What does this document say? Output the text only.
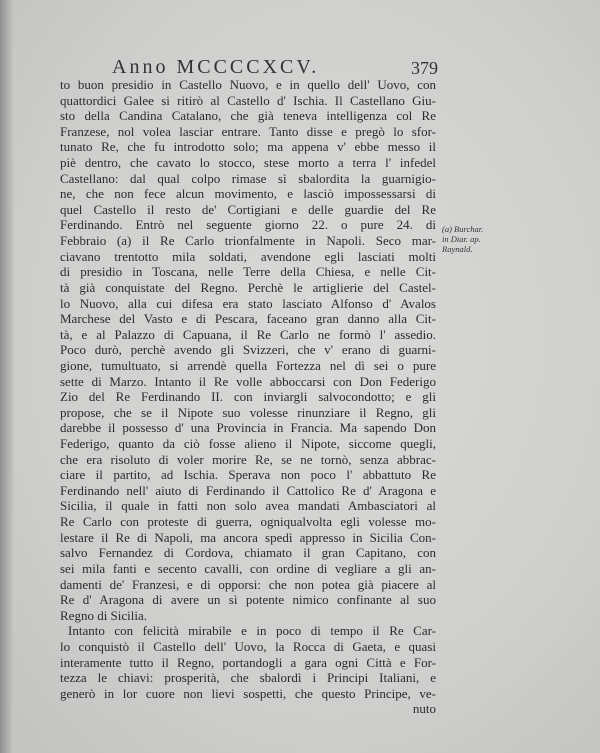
Anno MCCCCXCV.	379
to buon presidio in Castello Nuovo, e in quello dell' Uovo, con
quattordici Galee si ritirò al Castello d' Ischia. Il Castellano Giu-
sto della Candina Catalano, che già teneva intelligenza col Re
Franzese, nol volea lasciar entrare. Tanto disse e pregò lo sfor-
tunato Re, che fu introdotto solo; ma appena v' ebbe messo il
piè dentro, che cavato lo stocco, stese morto a terra l' infedel
Castellano: dal qual colpo rimase sì sbalordita la guarnigio-
ne, che non fece alcun movimento, e lasciò impossessarsi di
quel Castello il resto de' Cortigiani e delle guardie del Re
Ferdinando. Entrò nel seguente giorno 22. o pure 24. di
Febbraio (a) il Re Carlo trionfalmente in Napoli. Seco mar-
ciavano trentotto mila soldati, avendone egli lasciati molti
di presidio in Toscana, nelle Terre della Chiesa, e nelle Cit-
tà già conquistate del Regno. Perchè le artiglierie del Castel-
lo Nuovo, alla cui difesa era stato lasciato Alfonso d' Avalos
Marchese del Vasto e di Pescara, faceano gran danno alla Cit-
tà, e al Palazzo di Capuana, il Re Carlo ne formò l' assedio.
Poco durò, perchè avendo gli Svizzeri, che v' erano di guarni-
gione, tumultuato, si arrendè quella Fortezza nel dì sei o pure
sette di Marzo. Intanto il Re volle abboccarsi con Don Federigo
Zio del Re Ferdinando II. con inviargli salvocondotto; e gli
propose, che se il Nipote suo volesse rinunziare il Regno, gli
darebbe il possesso d' una Provincia in Francia. Ma sapendo Don
Federigo, quanto da ciò fosse alieno il Nipote, siccome quegli,
che era risoluto di voler morire Re, se ne tornò, senza abbrac-
ciare il partito, ad Ischia. Sperava non poco l' abbattuto Re
Ferdinando nell' aiuto di Ferdinando il Cattolico Re d' Aragona e
Sicilia, il quale in fatti non solo avea mandati Ambasciatori al
Re Carlo con proteste di guerra, ogniqualvolta egli volesse mo-
lestare il Re di Napoli, ma ancora spedì appresso in Sicilia Con-
salvo Fernandez di Cordova, chiamato il gran Capitano, con
sei mila fanti e secento cavalli, con ordine di vegliare a gli an-
damenti de' Franzesi, e di opporsi: che non potea già piacere al
Re d' Aragona di avere un sì potente nimico confinante al suo
Regno di Sicilia.
Intanto con felicità mirabile e in poco di tempo il Re Car-
lo conquistò il Castello dell' Uovo, la Rocca di Gaeta, e quasi
interamente tutto il Regno, portandogli a gara ogni Città e For-
tezza le chiavi: prosperità, che sbalordì i Principi Italiani, e
generò in lor cuore non lievi sospetti, che questo Principe, ve-
nuto
(a) Burchar.
in Diar. ap.
Raynald.
